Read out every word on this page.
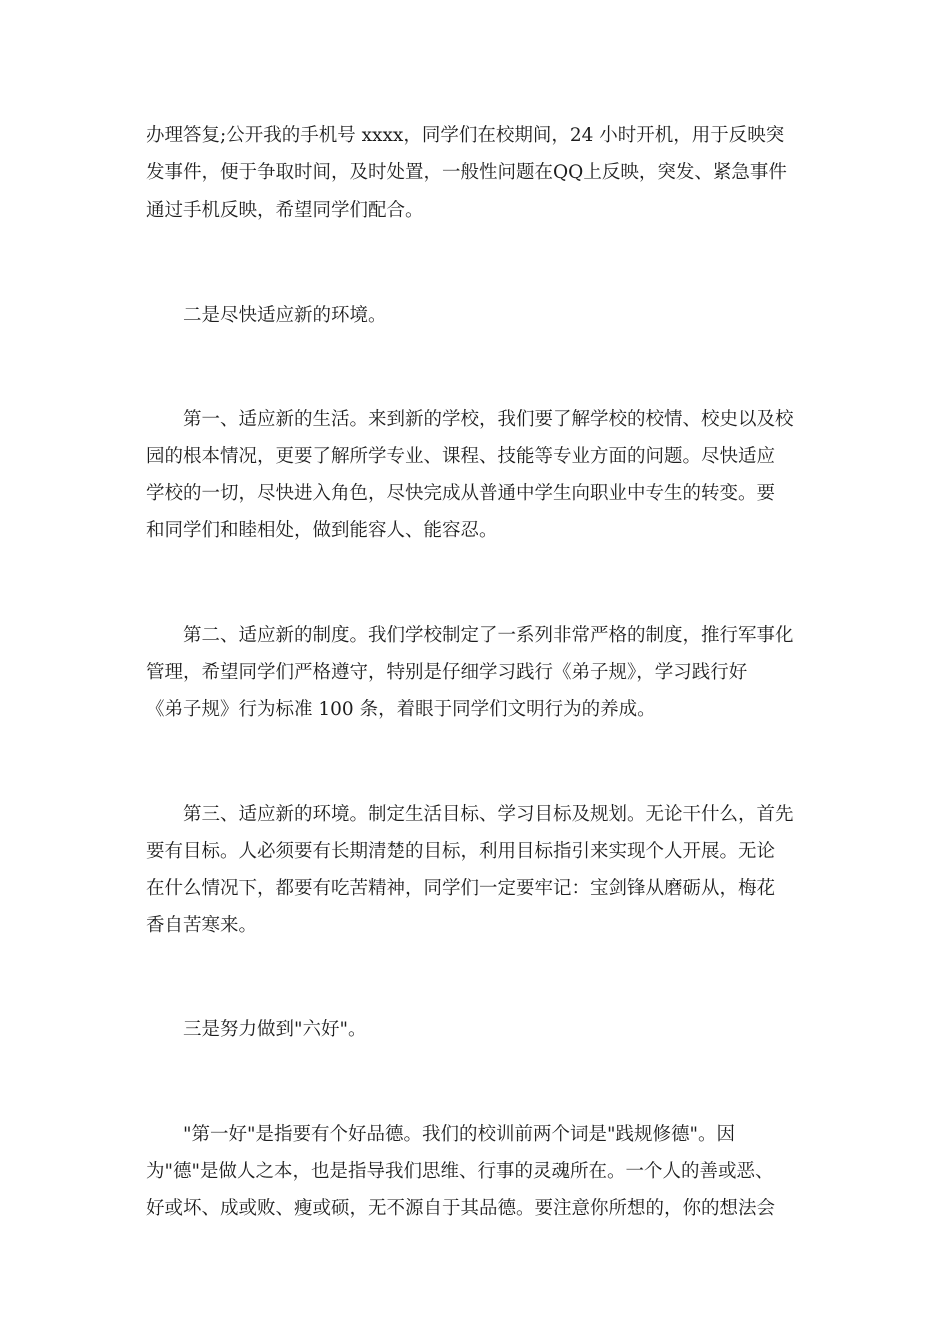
办理答复;公开我的手机号 xxxx，同学们在校期间，24 小时开机，用于反映突

发事件，便于争取时间，及时处置，一般性问题在QQ上反映，突发、紧急事件

通过手机反映，希望同学们配合。

　　二是尽快适应新的环境。

　　第一、适应新的生活。来到新的学校，我们要了解学校的校情、校史以及校

园的根本情况，更要了解所学专业、课程、技能等专业方面的问题。尽快适应

学校的一切，尽快进入角色，尽快完成从普通中学生向职业中专生的转变。要

和同学们和睦相处，做到能容人、能容忍。

　　第二、适应新的制度。我们学校制定了一系列非常严格的制度，推行军事化

管理，希望同学们严格遵守，特别是仔细学习践行《弟子规》，学习践行好

《弟子规》行为标准 100 条，着眼于同学们文明行为的养成。

　　第三、适应新的环境。制定生活目标、学习目标及规划。无论干什么，首先

要有目标。人必须要有长期清楚的目标，利用目标指引来实现个人开展。无论

在什么情况下，都要有吃苦精神，同学们一定要牢记：宝剑锋从磨砺从，梅花

香自苦寒来。

　　三是努力做到"六好"。

　　"第一好"是指要有个好品德。我们的校训前两个词是"践规修德"。因

为"德"是做人之本，也是指导我们思维、行事的灵魂所在。一个人的善或恶、

好或坏、成或败、瘦或硕，无不源自于其品德。要注意你所想的，你的想法会
